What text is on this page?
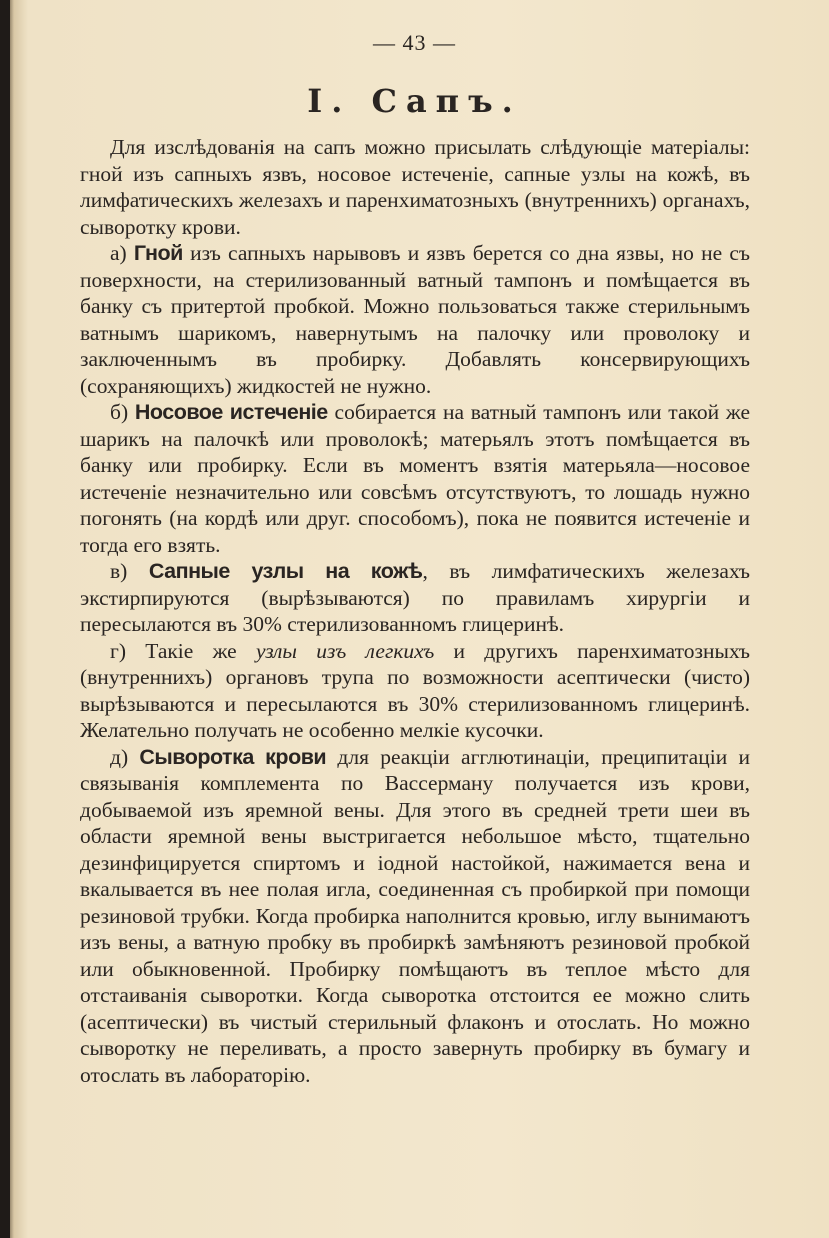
— 43 —
I. Сапъ.

Для изслѣдованія на сапъ можно присылать слѣдующіе матеріалы: гной изъ сапныхъ язвъ, носовое истеченіе, сапные узлы на кожѣ, въ лимфатическихъ железахъ и паренхиматозныхъ (внутреннихъ) органахъ, сывороткy крови.

а) Гной изъ сапныхъ нарывовъ и язвъ берется со дна язвы, но не съ поверхности, на стерилизованный ватный тампонъ и помѣщается въ банку съ притертой пробкой. Можно пользоваться также стерильнымъ ватнымъ шарикомъ, навернутымъ на палочку или проволоку и заключеннымъ въ пробирку. Добавлять консервирующихъ (сохраняющихъ) жидкостей не нужно.

б) Носовое истеченіе собирается на ватный тампонъ или такой же шарикъ на палочкѣ или проволокѣ; матерьялъ этотъ помѣщается въ банку или пробирку. Если въ моментъ взятія матерьяла—носовое истеченіе незначительно или совсѣмъ отсутствуютъ, то лошадь нужно погонять (на кордѣ или друг. способомъ), пока не появится истеченіе и тогда его взять.

в) Сапные узлы на кожѣ, въ лимфатическихъ железахъ экстирпируются (вырѣзываются) по правиламъ хирургіи и пересылаются въ 30% стерилизованномъ глицеринѣ.

г) Такіе же узлы изъ легкихъ и другихъ паренхиматозныхъ (внутреннихъ) органовъ трупа по возможности асептически (чисто) вырѣзываются и пересылаются въ 30% стерилизованномъ глицеринѣ. Желательно получать не особенно мелкіе кусочки.

д) Сыворотка крови для реакціи агглютинаціи, преципитаціи и связыванія комплемента по Вассерману получается изъ крови, добываемой изъ яремной вены. Для этого въ средней трети шеи въ области яремной вены выстригается небольшое мѣсто, тщательно дезинфицируется спиртомъ и іодной настойкой, нажимается вена и вкалывается въ нее полая игла, соединенная съ пробиркой при помощи резиновой трубки. Когда пробирка наполнится кровью, иглу вынимаютъ изъ вены, а ватную пробку въ пробиркѣ замѣняютъ резиновой пробкой или обыкновенной. Пробирку помѣщаютъ въ теплое мѣсто для отстаиванія сыворотки. Когда сыворотка отстоится ее можно слить (асептически) въ чистый стерильный флаконъ и отослать. Но можно сыворотку не переливать, а просто завернуть пробирку въ бумагу и отослать въ лабораторію.
